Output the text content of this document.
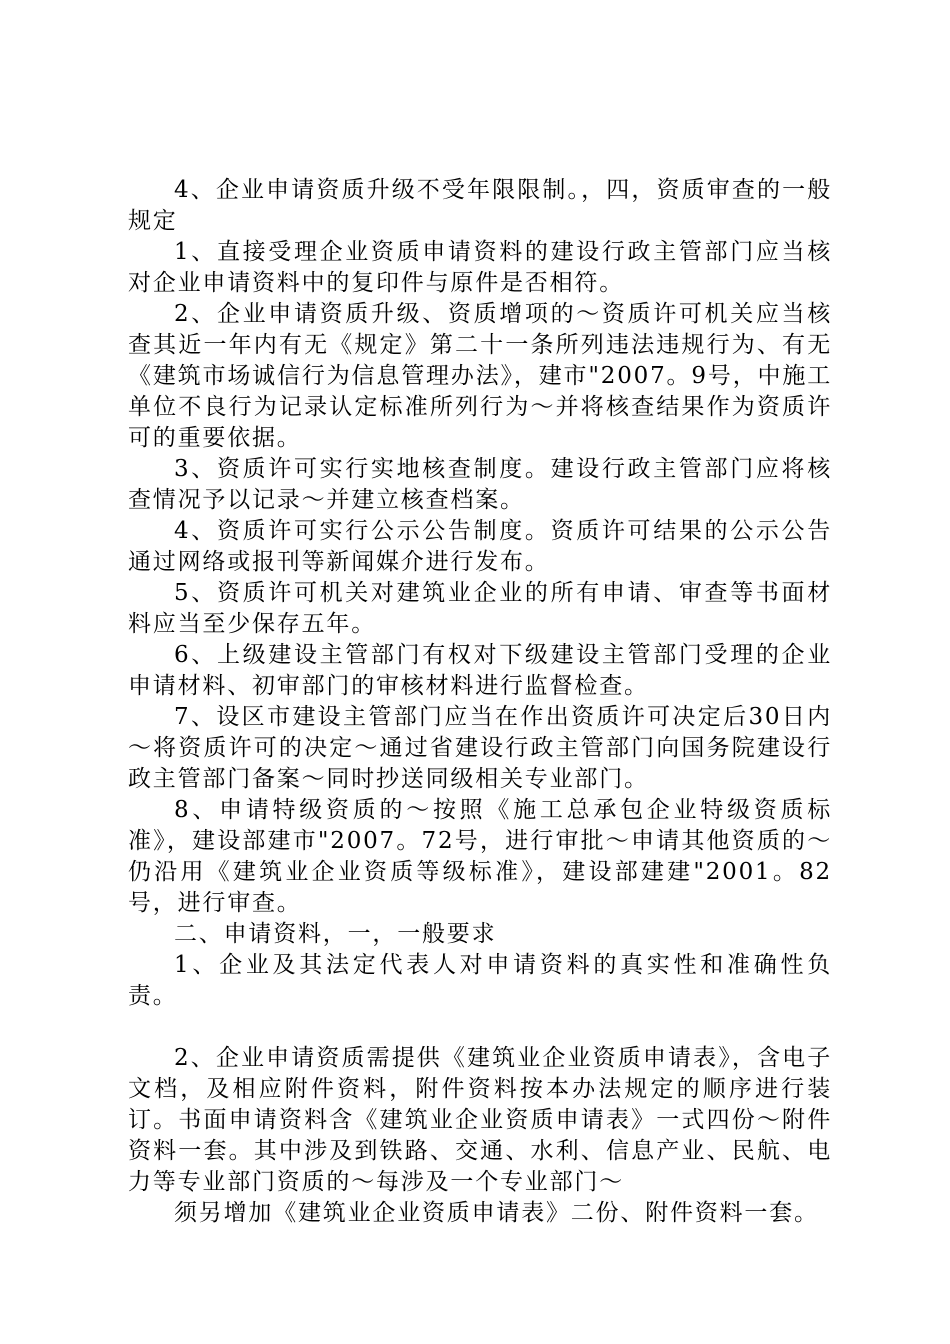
4、企业申请资质升级不受年限限制。，四，资质审查的一般规定

1、直接受理企业资质申请资料的建设行政主管部门应当核对企业申请资料中的复印件与原件是否相符。

2、企业申请资质升级、资质增项的～资质许可机关应当核查其近一年内有无《规定》第二十一条所列违法违规行为、有无《建筑市场诚信行为信息管理办法》，建市"2007。9号，中施工单位不良行为记录认定标准所列行为～并将核查结果作为资质许可的重要依据。

3、资质许可实行实地核查制度。建设行政主管部门应将核查情况予以记录～并建立核查档案。

4、资质许可实行公示公告制度。资质许可结果的公示公告通过网络或报刊等新闻媒介进行发布。

5、资质许可机关对建筑业企业的所有申请、审查等书面材料应当至少保存五年。

6、上级建设主管部门有权对下级建设主管部门受理的企业申请材料、初审部门的审核材料进行监督检查。

7、设区市建设主管部门应当在作出资质许可决定后30日内～将资质许可的决定～通过省建设行政主管部门向国务院建设行政主管部门备案～同时抄送同级相关专业部门。

8、申请特级资质的～按照《施工总承包企业特级资质标准》，建设部建市"2007。72号，进行审批～申请其他资质的～仍沿用《建筑业企业资质等级标准》，建设部建建"2001。82号，进行审查。

二、申请资料，一，一般要求

1、企业及其法定代表人对申请资料的真实性和准确性负责。

2、企业申请资质需提供《建筑业企业资质申请表》，含电子文档，及相应附件资料，附件资料按本办法规定的顺序进行装订。书面申请资料含《建筑业企业资质申请表》一式四份～附件资料一套。其中涉及到铁路、交通、水利、信息产业、民航、电力等专业部门资质的～每涉及一个专业部门～

须另增加《建筑业企业资质申请表》二份、附件资料一套。
